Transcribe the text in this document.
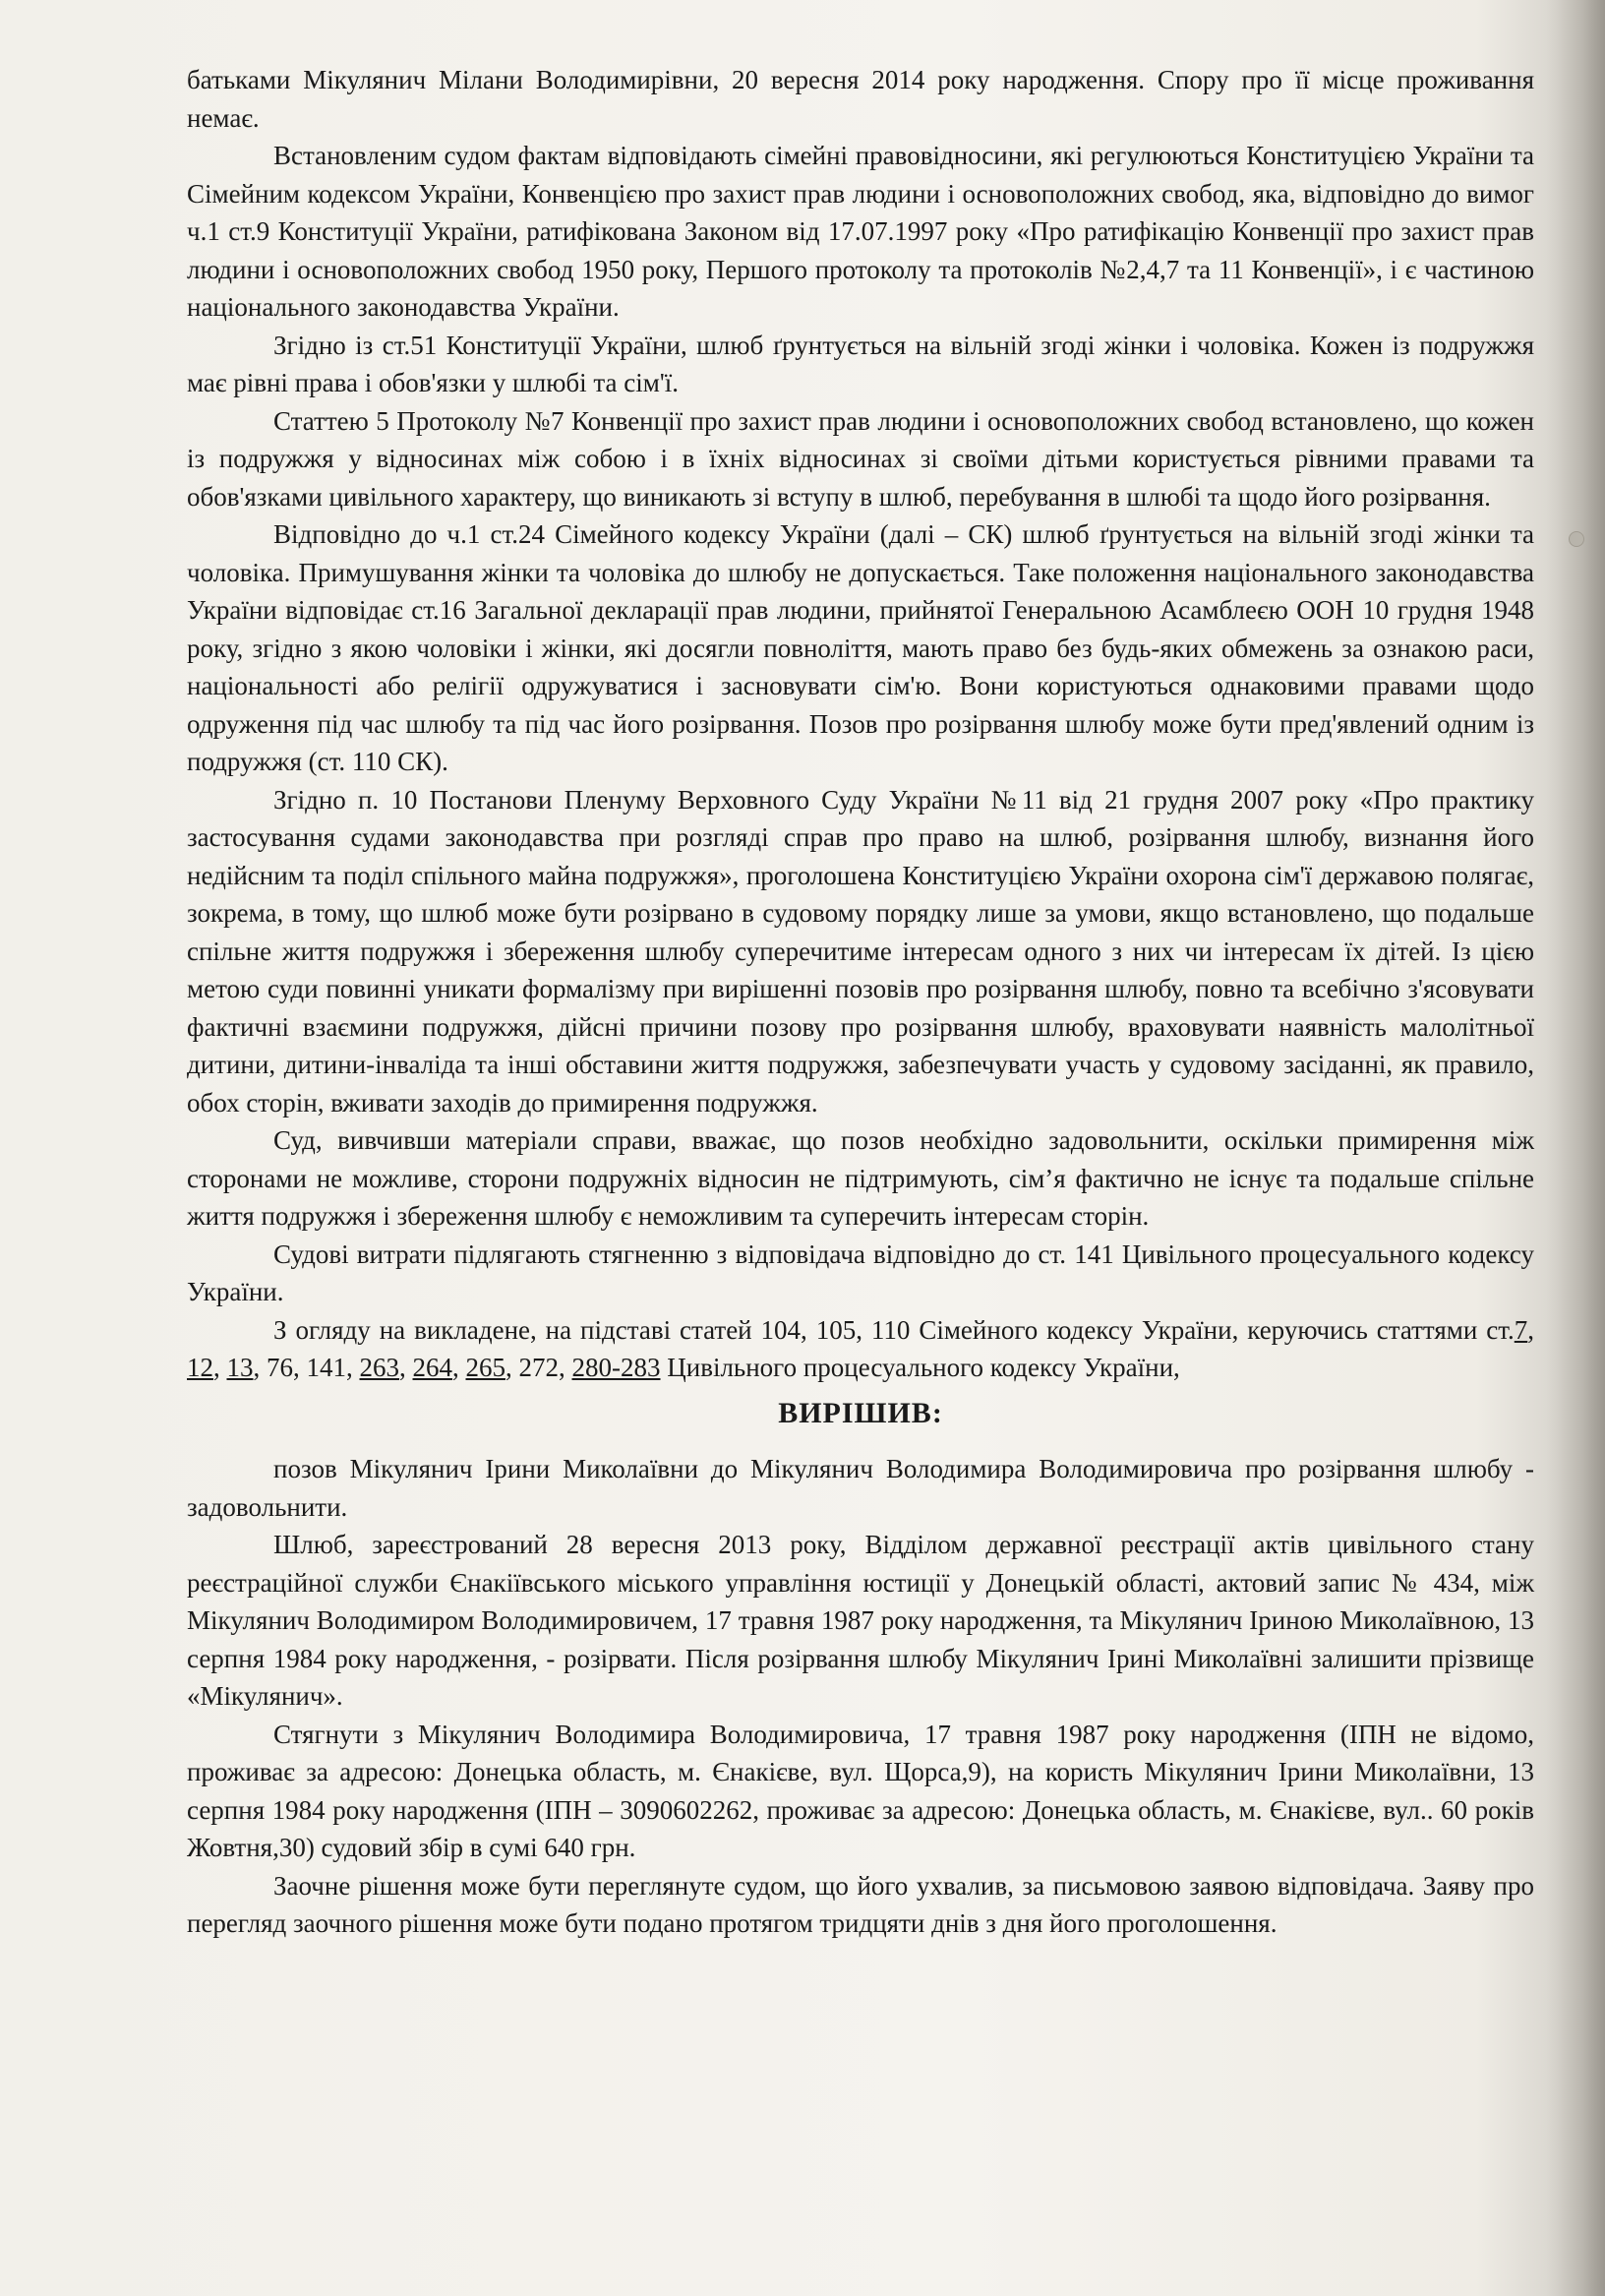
батьками Мікулянич Мілани Володимирівни, 20 вересня 2014 року народження. Спору про її місце проживання немає.

Встановленим судом фактам відповідають сімейні правовідносини, які регулюються Конституцією України та Сімейним кодексом України, Конвенцією про захист прав людини і основоположних свобод, яка, відповідно до вимог ч.1 ст.9 Конституції України, ратифікована Законом від 17.07.1997 року «Про ратифікацію Конвенції про захист прав людини і основоположних свобод 1950 року, Першого протоколу та протоколів №2,4,7 та 11 Конвенції», і є частиною національного законодавства України.

Згідно із ст.51 Конституції України, шлюб ґрунтується на вільній згоді жінки і чоловіка. Кожен із подружжя має рівні права і обов'язки у шлюбі та сім'ї.

Статтею 5 Протоколу №7 Конвенції про захист прав людини і основоположних свобод встановлено, що кожен із подружжя у відносинах між собою і в їхніх відносинах зі своїми дітьми користується рівними правами та обов'язками цивільного характеру, що виникають зі вступу в шлюб, перебування в шлюбі та щодо його розірвання.

Відповідно до ч.1 ст.24 Сімейного кодексу України (далі – СК) шлюб ґрунтується на вільній згоді жінки та чоловіка. Примушування жінки та чоловіка до шлюбу не допускається. Таке положення національного законодавства України відповідає ст.16 Загальної декларації прав людини, прийнятої Генеральною Асамблеєю ООН 10 грудня 1948 року, згідно з якою чоловіки і жінки, які досягли повноліття, мають право без будь-яких обмежень за ознакою раси, національності або релігії одружуватися і засновувати сім'ю. Вони користуються однаковими правами щодо одруження під час шлюбу та під час його розірвання. Позов про розірвання шлюбу може бути пред'явлений одним із подружжя (ст. 110 СК).

Згідно п. 10 Постанови Пленуму Верховного Суду України №11 від 21 грудня 2007 року «Про практику застосування судами законодавства при розгляді справ про право на шлюб, розірвання шлюбу, визнання його недійсним та поділ спільного майна подружжя», проголошена Конституцією України охорона сім'ї державою полягає, зокрема, в тому, що шлюб може бути розірвано в судовому порядку лише за умови, якщо встановлено, що подальше спільне життя подружжя і збереження шлюбу суперечитиме інтересам одного з них чи інтересам їх дітей. Із цією метою суди повинні уникати формалізму при вирішенні позовів про розірвання шлюбу, повно та всебічно з'ясовувати фактичні взаємини подружжя, дійсні причини позову про розірвання шлюбу, враховувати наявність малолітньої дитини, дитини-інваліда та інші обставини життя подружжя, забезпечувати участь у судовому засіданні, як правило, обох сторін, вживати заходів до примирення подружжя.

Суд, вивчивши матеріали справи, вважає, що позов необхідно задовольнити, оскільки примирення між сторонами не можливе, сторони подружніх відносин не підтримують, сім’я фактично не існує та подальше спільне життя подружжя і збереження шлюбу є неможливим та суперечить інтересам сторін.

Судові витрати підлягають стягненню з відповідача відповідно до ст. 141 Цивільного процесуального кодексу України.

З огляду на викладене, на підставі статей 104, 105, 110 Сімейного кодексу України, керуючись статтями ст.7, 12, 13, 76, 141, 263, 264, 265, 272, 280-283 Цивільного процесуального кодексу України,

ВИРІШИВ:

позов Мікулянич Ірини Миколаївни до Мікулянич Володимира Володимировича про розірвання шлюбу - задовольнити.

Шлюб, зареєстрований 28 вересня 2013 року, Відділом державної реєстрації актів цивільного стану реєстраційної служби Єнакіївського міського управління юстиції у Донецькій області, актовий запис № 434, між Мікулянич Володимиром Володимировичем, 17 травня 1987 року народження, та Мікулянич Іриною Миколаївною, 13 серпня 1984 року народження, - розірвати. Після розірвання шлюбу Мікулянич Ірині Миколаївні залишити прізвище «Мікулянич».

Стягнути з Мікулянич Володимира Володимировича, 17 травня 1987 року народження (ІПН не відомо, проживає за адресою: Донецька область, м. Єнакієве, вул. Щорса,9), на користь Мікулянич Ірини Миколаївни, 13 серпня 1984 року народження (ІПН – 3090602262, проживає за адресою: Донецька область, м. Єнакієве, вул.. 60 років Жовтня,30) судовий збір в сумі 640 грн.

Заочне рішення може бути переглянуте судом, що його ухвалив, за письмовою заявою відповідача. Заяву про перегляд заочного рішення може бути подано протягом тридцяти днів з дня його проголошення.
